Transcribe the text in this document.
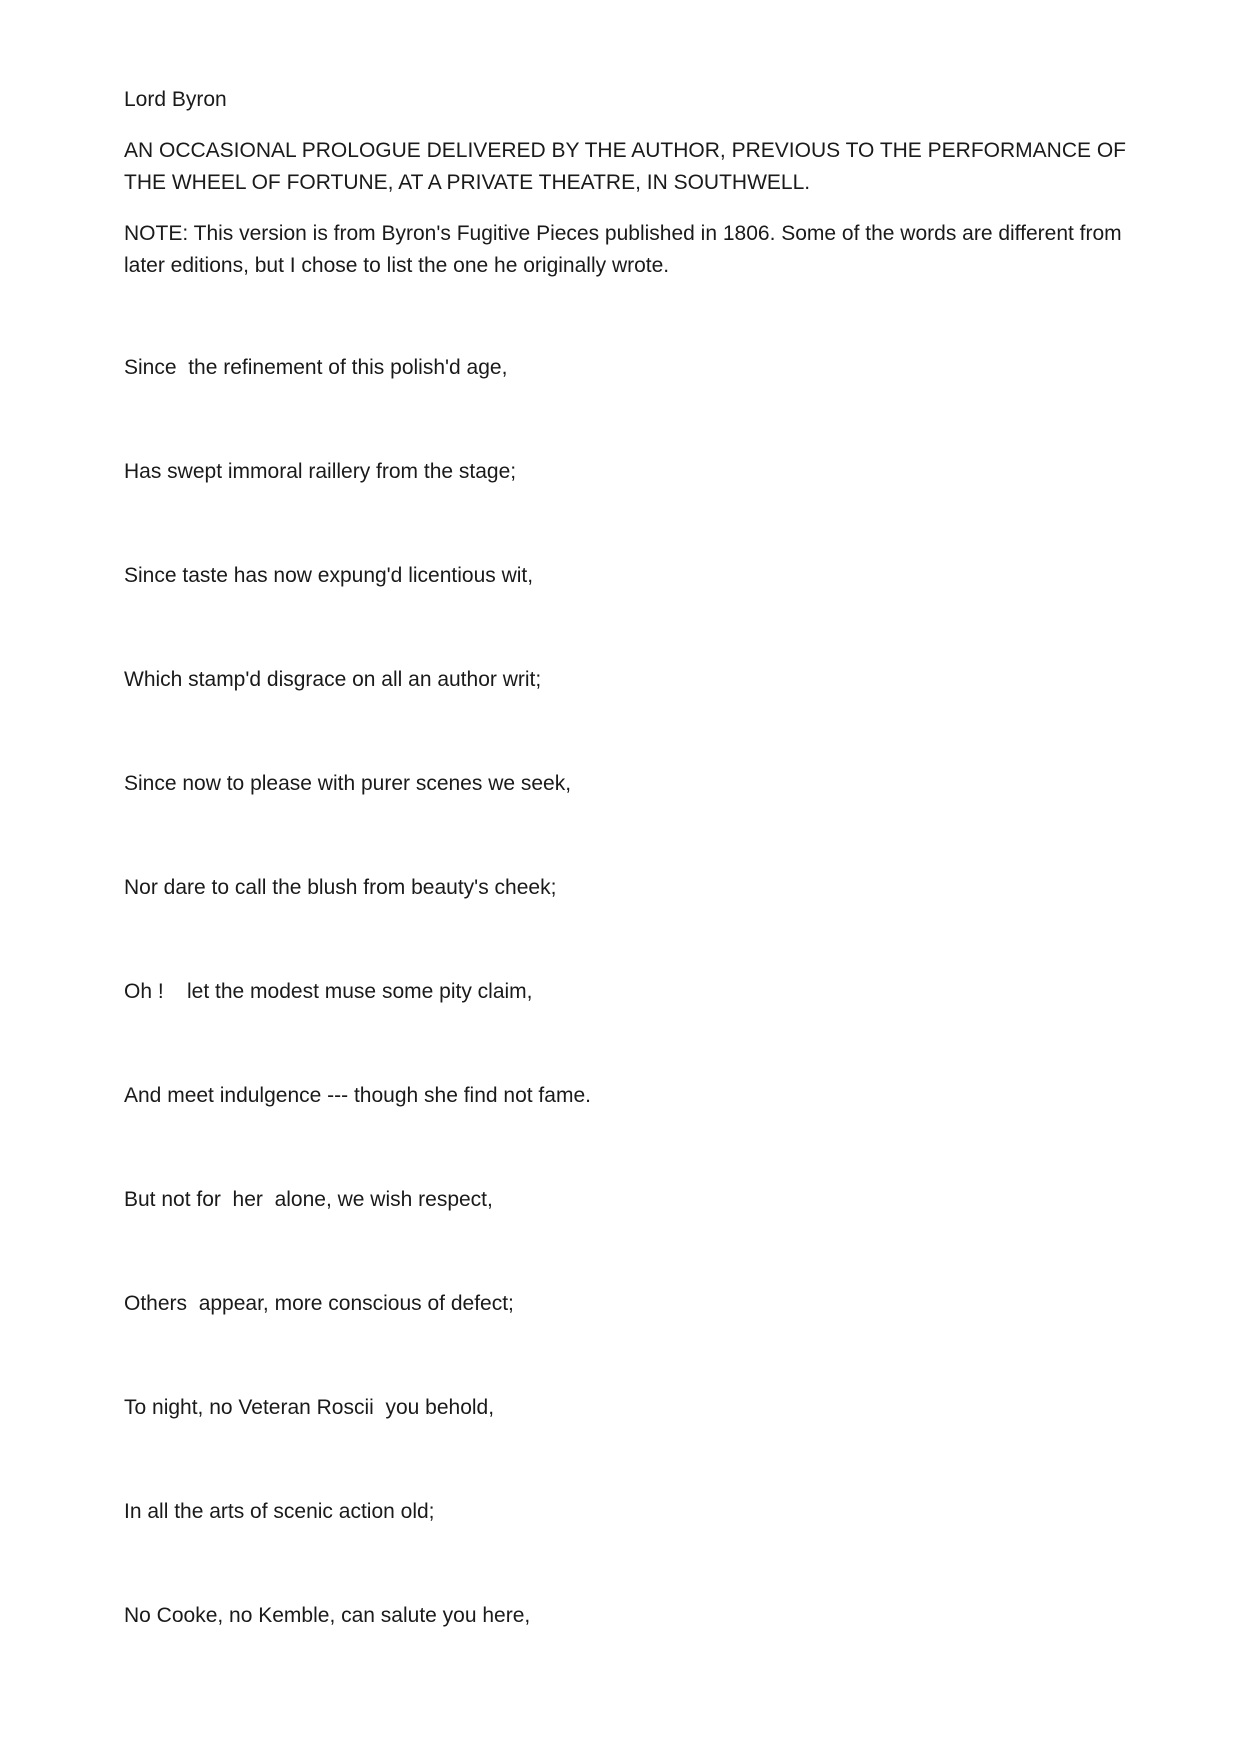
Lord Byron

AN OCCASIONAL PROLOGUE DELIVERED BY THE AUTHOR, PREVIOUS TO THE PERFORMANCE OF THE WHEEL OF FORTUNE, AT A PRIVATE THEATRE, IN SOUTHWELL.

NOTE: This version is from Byron's Fugitive Pieces published in 1806. Some of the words are different from later editions, but I chose to list the one he originally wrote.

Since  the refinement of this polish'd age,

Has swept immoral raillery from the stage;

Since taste has now expung'd licentious wit,

Which stamp'd disgrace on all an author writ;

Since now to please with purer scenes we seek,

Nor dare to call the blush from beauty's cheek;

Oh !    let the modest muse some pity claim,

And meet indulgence --- though she find not fame.

But not for  her  alone, we wish respect,

Others  appear, more conscious of defect;

To night, no Veteran Roscii  you behold,

In all the arts of scenic action old;

No Cooke, no Kemble, can salute you here,
